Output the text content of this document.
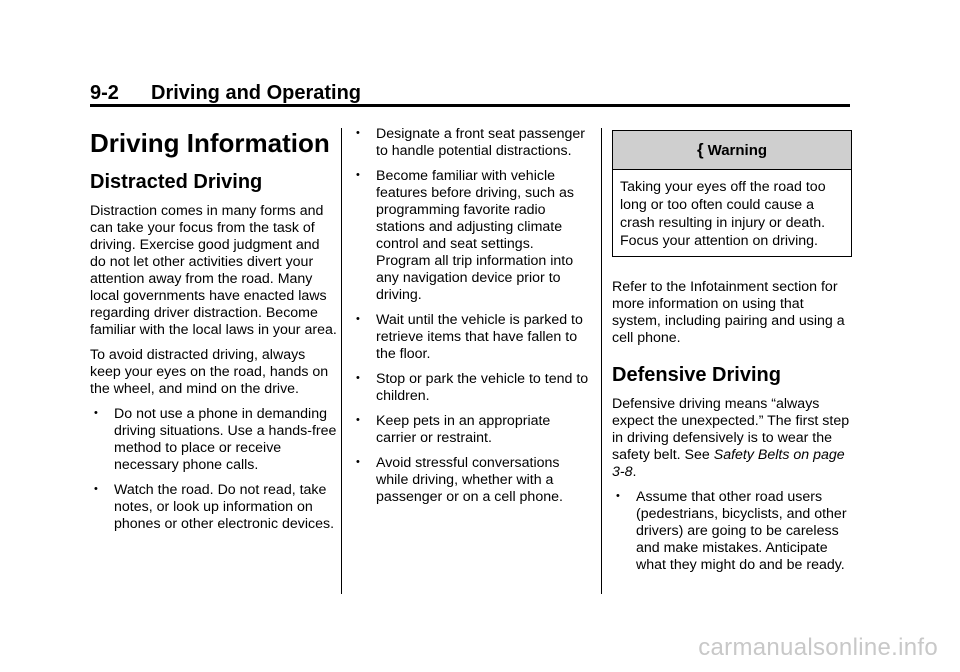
9-2 Driving and Operating
Driving Information
Distracted Driving

Distraction comes in many forms and can take your focus from the task of driving. Exercise good judgment and do not let other activities divert your attention away from the road. Many local governments have enacted laws regarding driver distraction. Become familiar with the local laws in your area.

To avoid distracted driving, always keep your eyes on the road, hands on the wheel, and mind on the drive.

• Do not use a phone in demanding driving situations. Use a hands-free method to place or receive necessary phone calls.
• Watch the road. Do not read, take notes, or look up information on phones or other electronic devices.
• Designate a front seat passenger to handle potential distractions.
• Become familiar with vehicle features before driving, such as programming favorite radio stations and adjusting climate control and seat settings. Program all trip information into any navigation device prior to driving.
• Wait until the vehicle is parked to retrieve items that have fallen to the floor.
• Stop or park the vehicle to tend to children.
• Keep pets in an appropriate carrier or restraint.
• Avoid stressful conversations while driving, whether with a passenger or on a cell phone.
{ Warning
Taking your eyes off the road too long or too often could cause a crash resulting in injury or death. Focus your attention on driving.

Refer to the Infotainment section for more information on using that system, including pairing and using a cell phone.

Defensive Driving

Defensive driving means “always expect the unexpected.” The first step in driving defensively is to wear the safety belt. See Safety Belts on page 3-8.

• Assume that other road users (pedestrians, bicyclists, and other drivers) are going to be careless and make mistakes. Anticipate what they might do and be ready.
carmanualsonline.info
